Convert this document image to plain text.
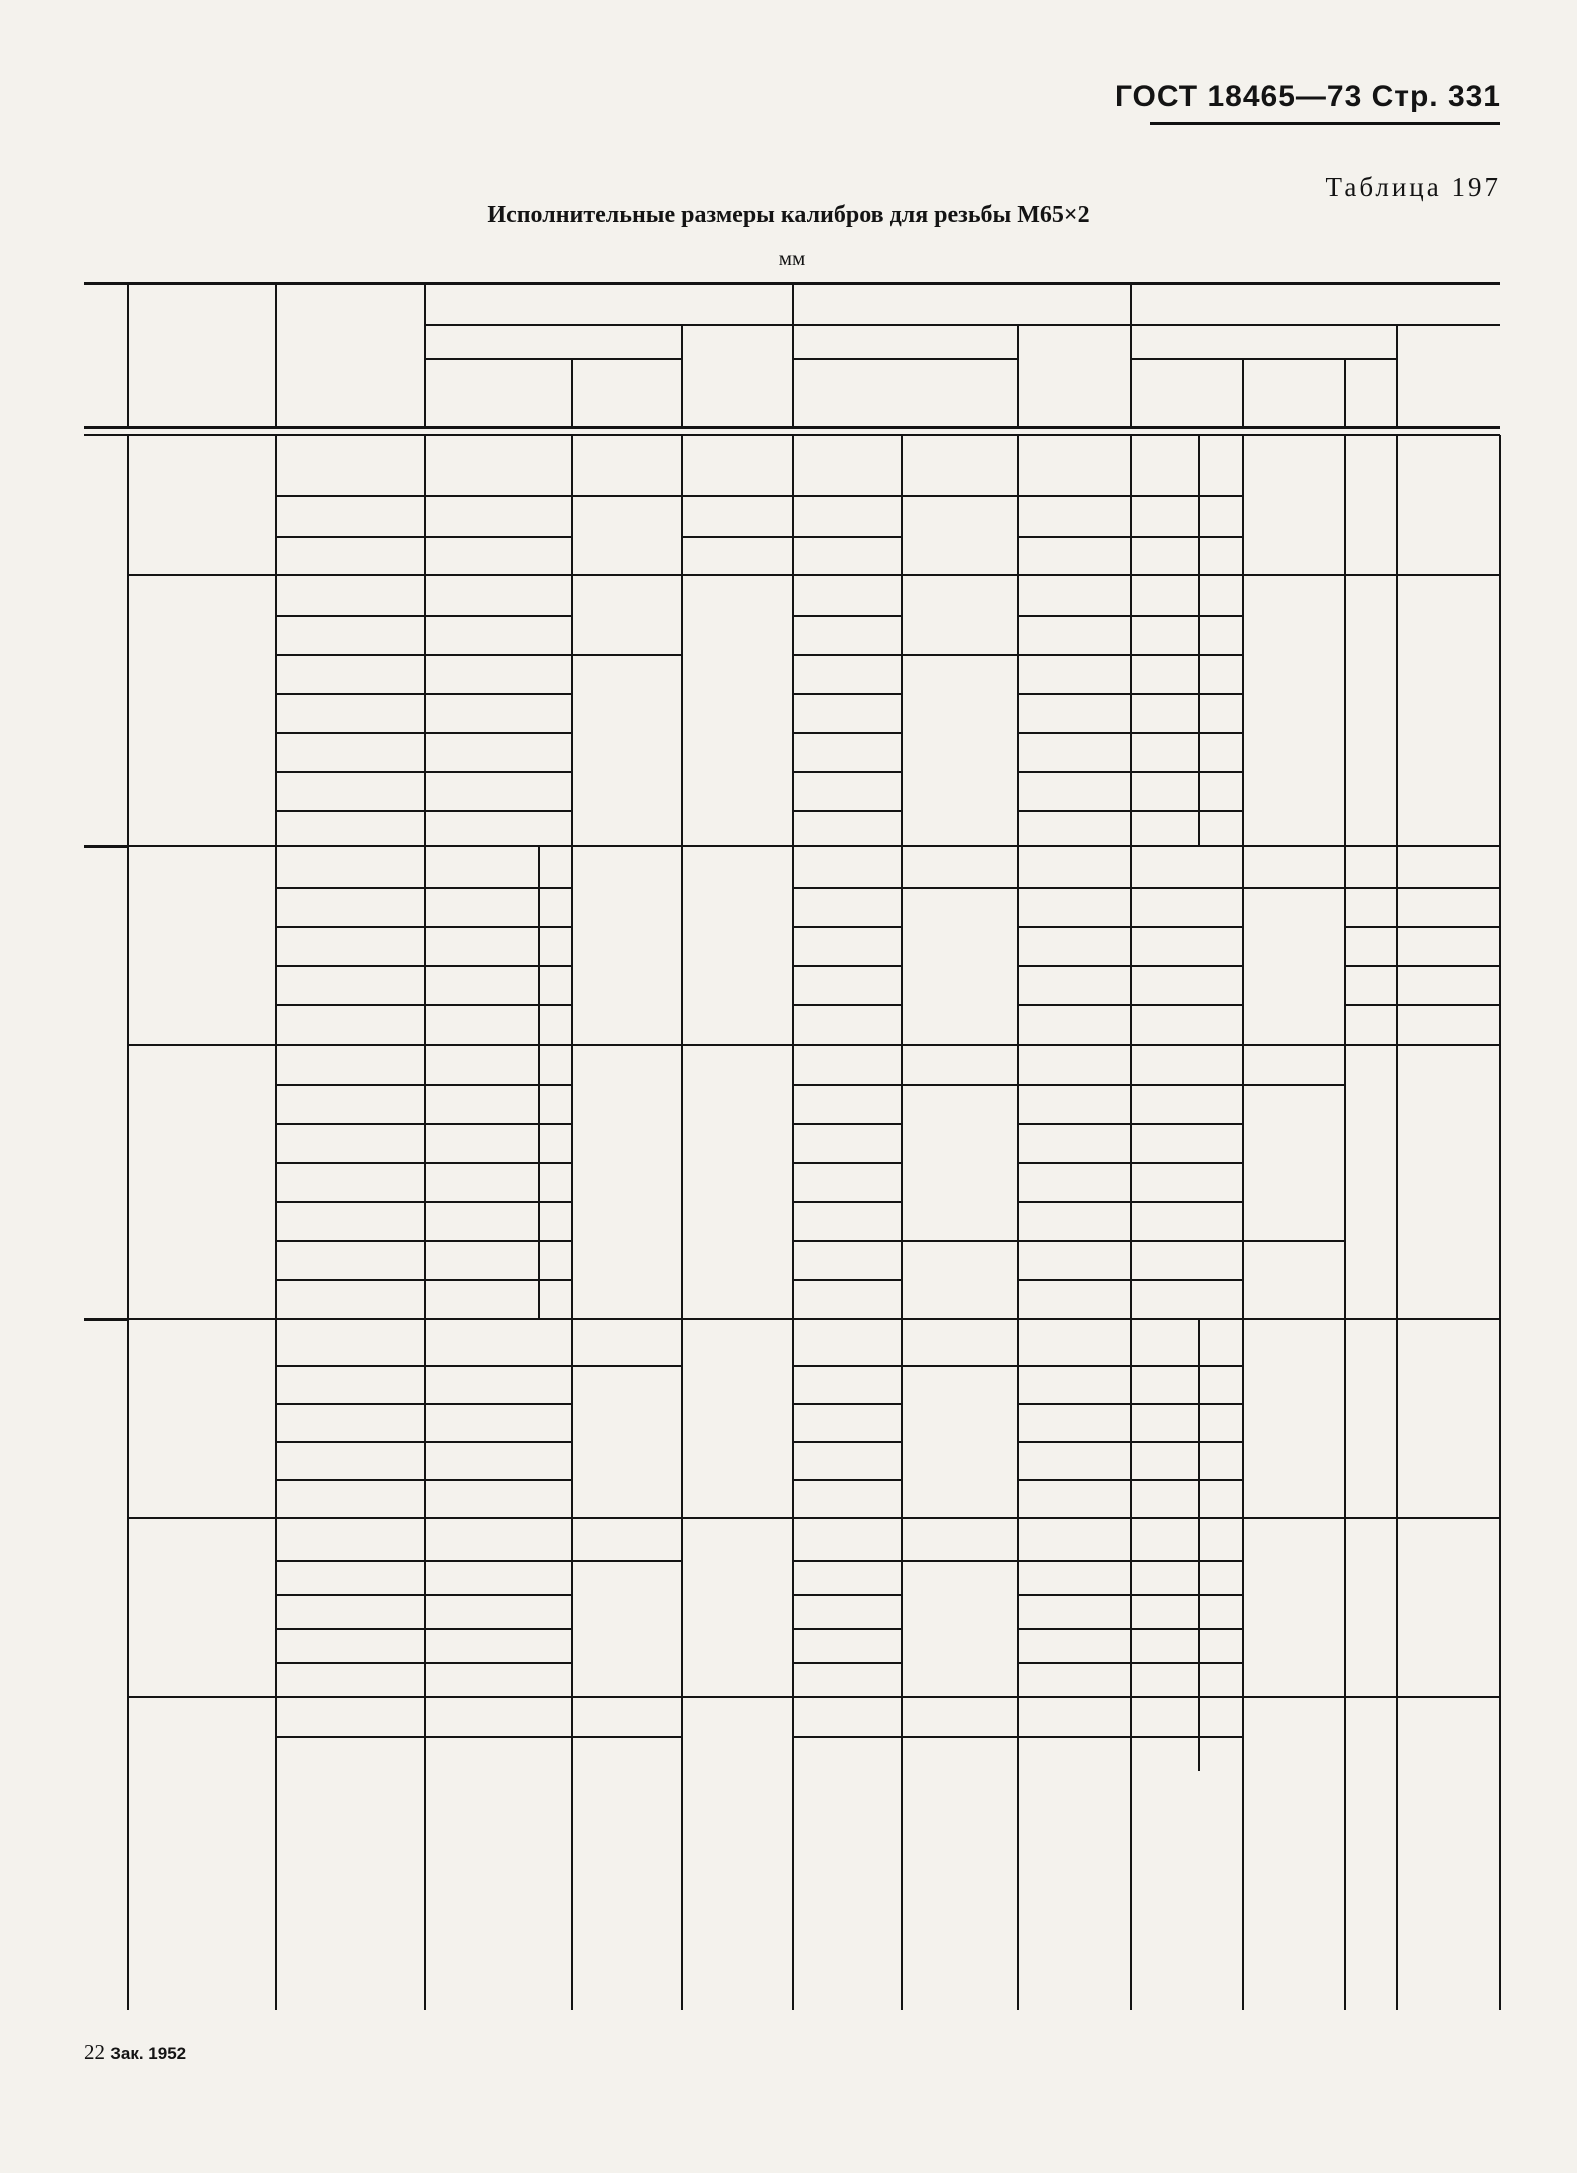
ГОСТ 18465—73 Стр. 331
Таблица 197
Исполнительные размеры калибров для резьбы М65×2
мм
22 Зак. 1952
